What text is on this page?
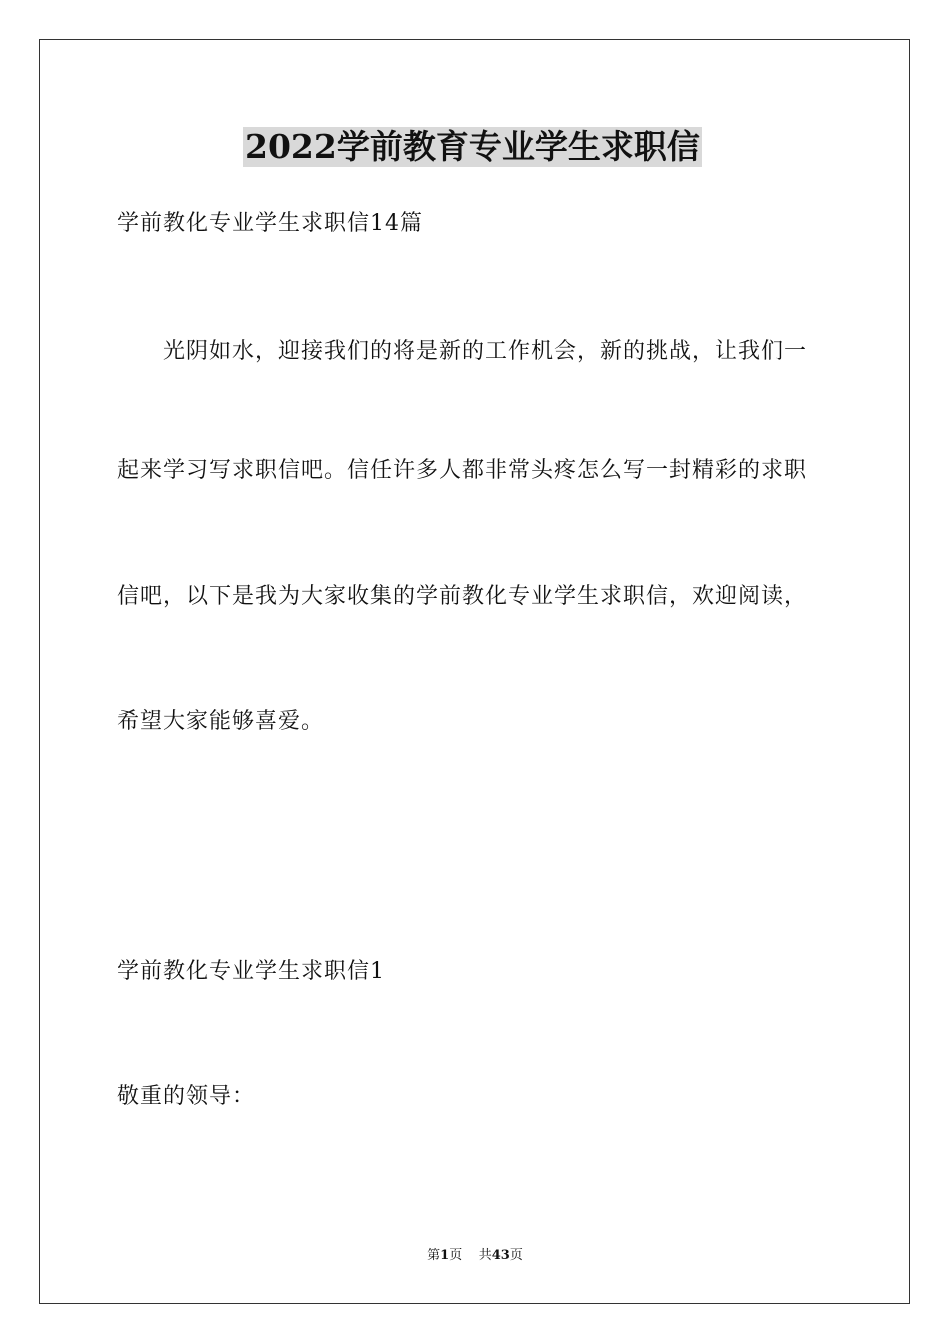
2022学前教育专业学生求职信
学前教化专业学生求职信14篇
光阴如水，迎接我们的将是新的工作机会，新的挑战，让我们一
起来学习写求职信吧。信任许多人都非常头疼怎么写一封精彩的求职
信吧，以下是我为大家收集的学前教化专业学生求职信，欢迎阅读，
希望大家能够喜爱。
学前教化专业学生求职信1
敬重的领导：
第1页 共43页
